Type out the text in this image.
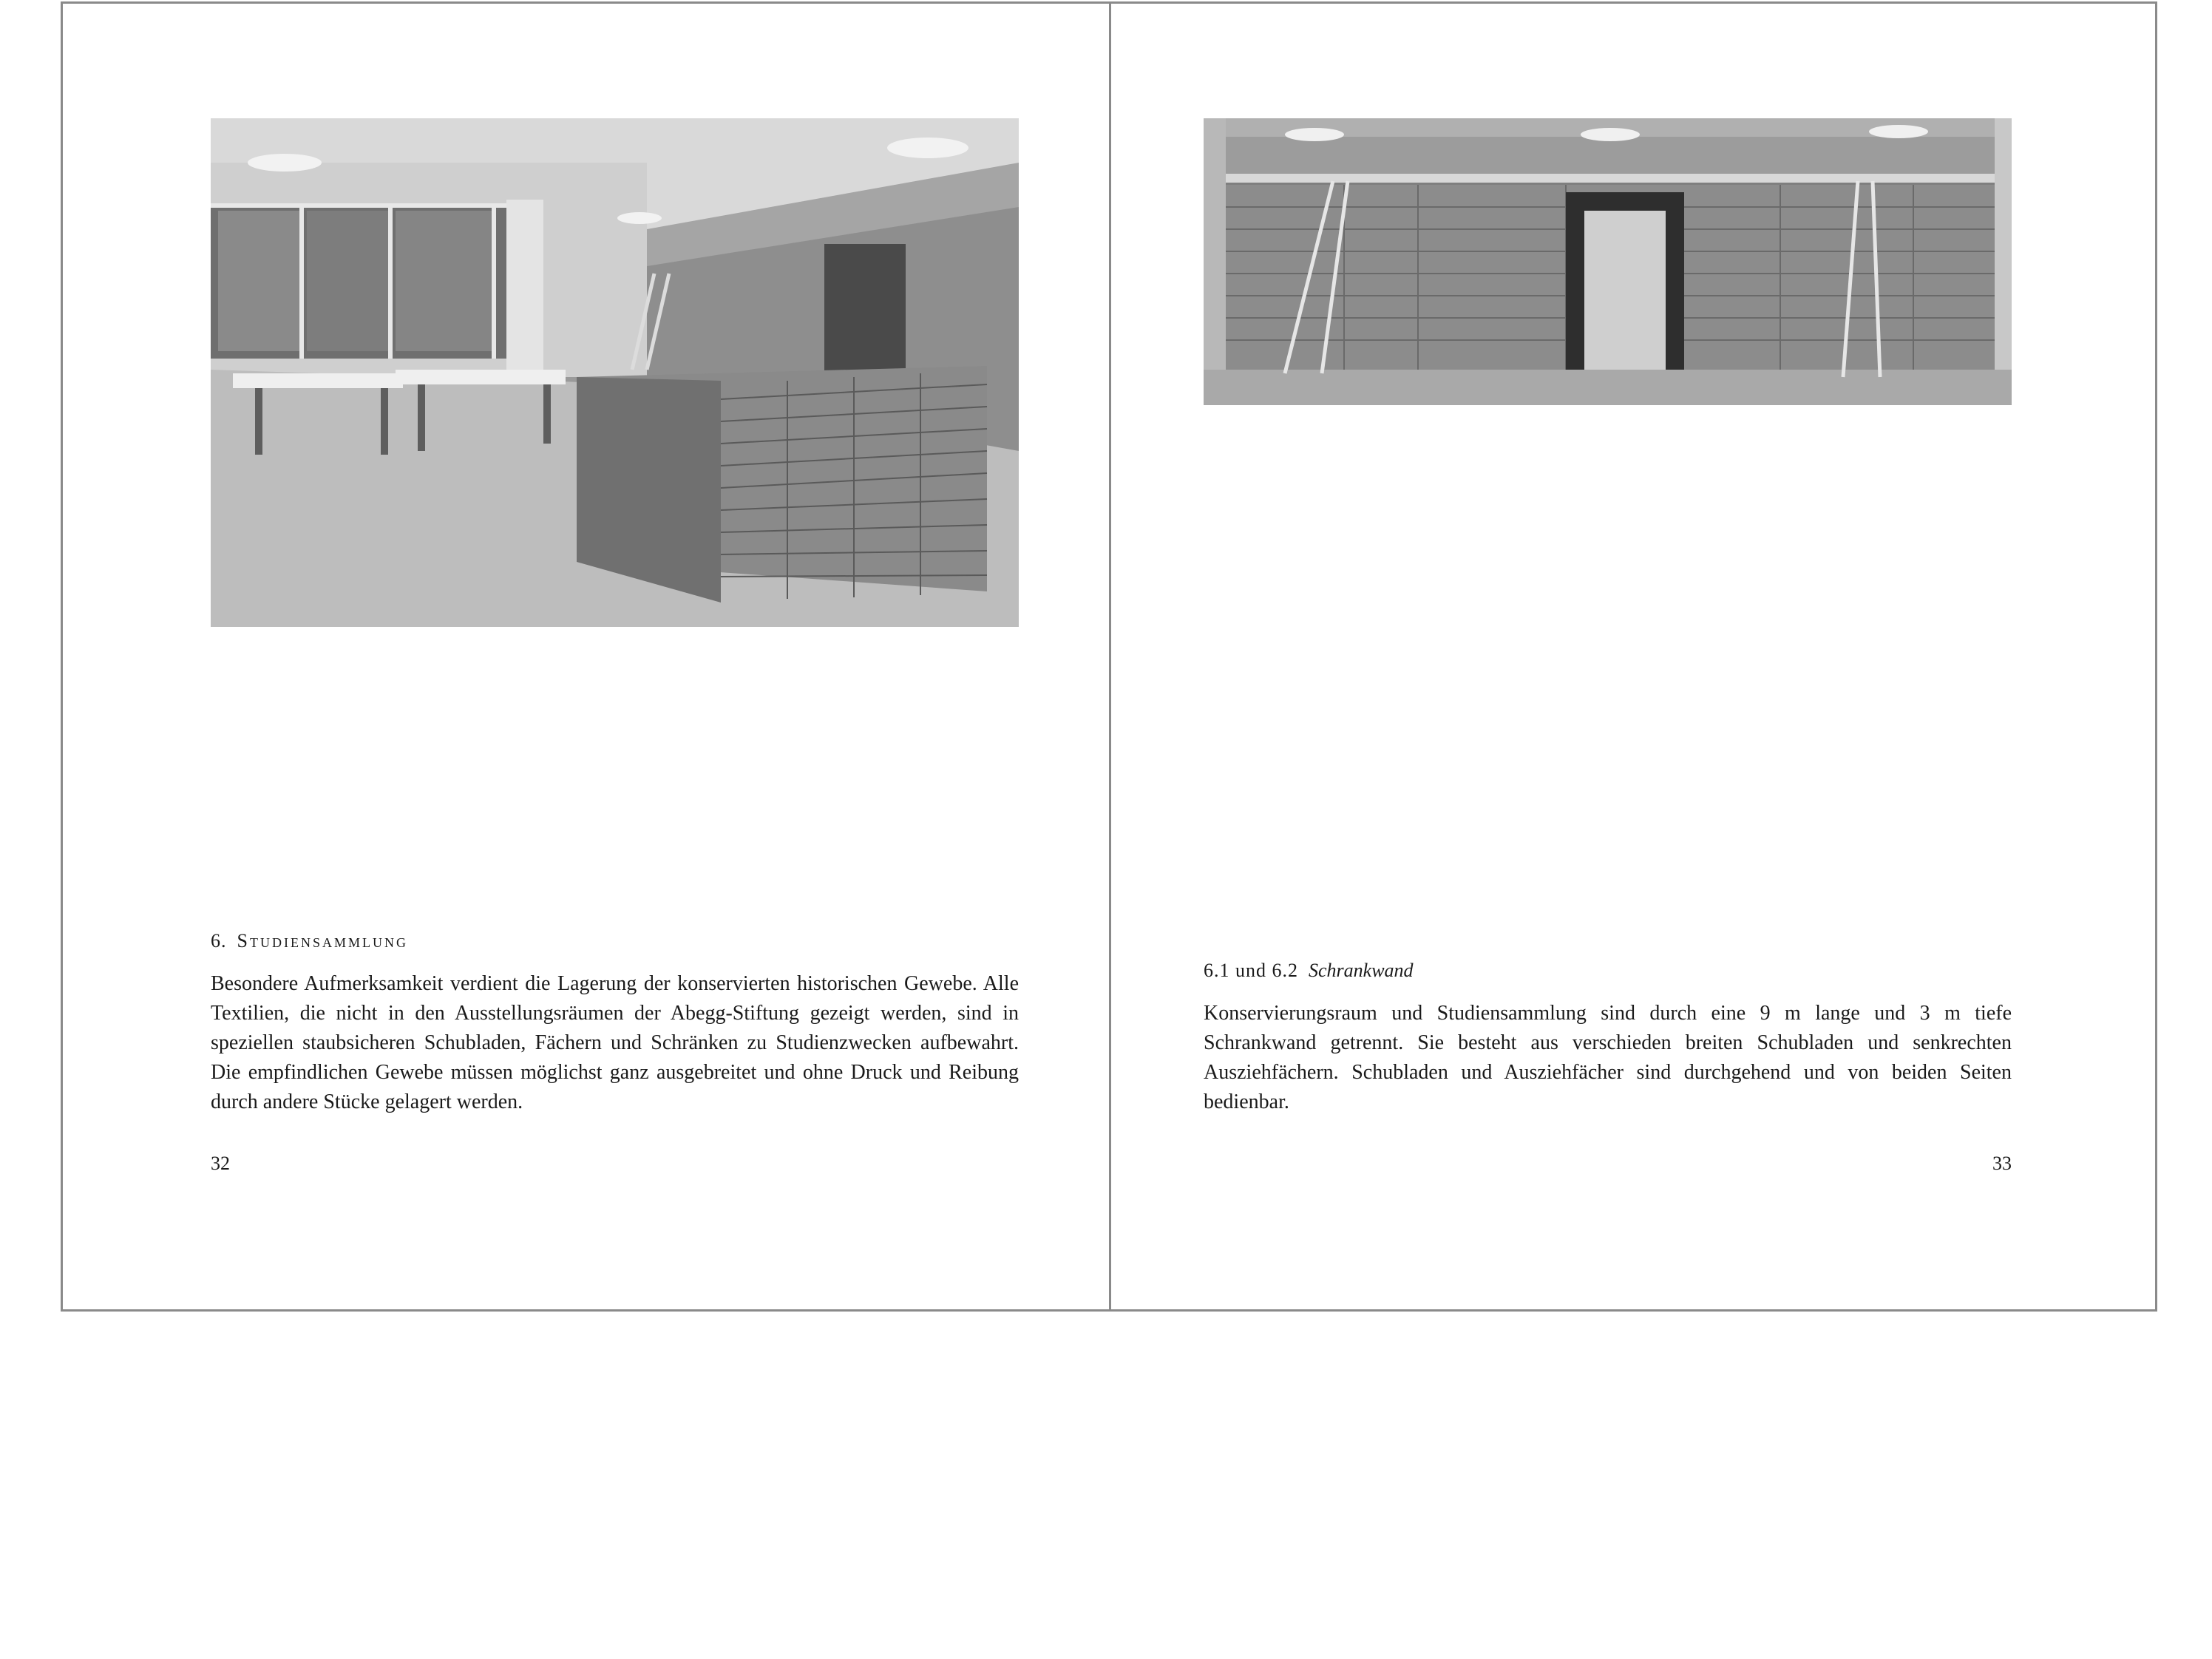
6. Studiensammlung

Besondere Aufmerksamkeit verdient die Lagerung der konservierten historischen Gewebe. Alle Textilien, die nicht in den Ausstellungsräumen der Abegg-Stiftung gezeigt werden, sind in speziellen staubsicheren Schubladen, Fächern und Schränken zu Studienzwecken aufbewahrt. Die empfindlichen Gewebe müssen möglichst ganz ausgebreitet und ohne Druck und Reibung durch andere Stücke gelagert werden.

32
6.1 und 6.2 Schrankwand

Konservierungsraum und Studiensammlung sind durch eine 9 m lange und 3 m tiefe Schrankwand getrennt. Sie besteht aus verschieden breiten Schubladen und senkrechten Ausziehfächern. Schubladen und Ausziehfächer sind durchgehend und von beiden Seiten bedienbar.

33
